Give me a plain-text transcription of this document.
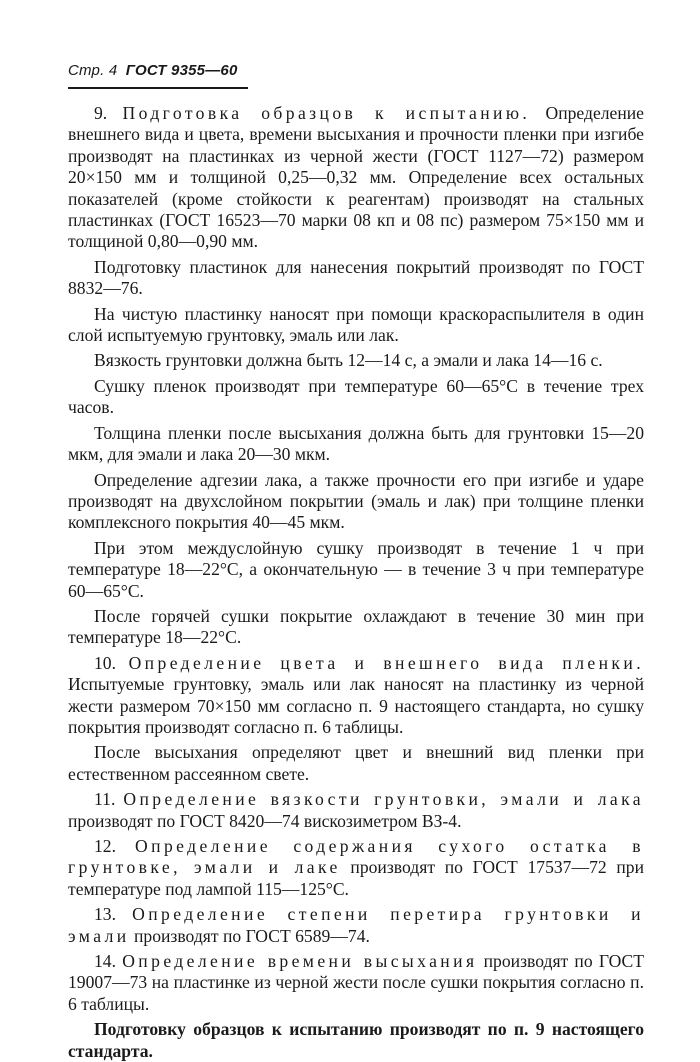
Стр. 4 ГОСТ 9355—60

9. Подготовка образцов к испытанию. Определение внешнего вида и цвета, времени высыхания и прочности пленки при изгибе производят на пластинках из черной жести (ГОСТ 1127—72) размером 20×150 мм и толщиной 0,25—0,32 мм. Определение всех остальных показателей (кроме стойкости к реагентам) производят на стальных пластинках (ГОСТ 16523—70 марки 08 кп и 08 пс) размером 75×150 мм и толщиной 0,80—0,90 мм.

Подготовку пластинок для нанесения покрытий производят по ГОСТ 8832—76.

На чистую пластинку наносят при помощи краскораспылителя в один слой испытуемую грунтовку, эмаль или лак.

Вязкость грунтовки должна быть 12—14 с, а эмали и лака 14—16 с.

Сушку пленок производят при температуре 60—65°С в течение трех часов.

Толщина пленки после высыхания должна быть для грунтовки 15—20 мкм, для эмали и лака 20—30 мкм.

Определение адгезии лака, а также прочности его при изгибе и ударе производят на двухслойном покрытии (эмаль и лак) при толщине пленки комплексного покрытия 40—45 мкм.

При этом междуслойную сушку производят в течение 1 ч при температуре 18—22°С, а окончательную — в течение 3 ч при температуре 60—65°С.

После горячей сушки покрытие охлаждают в течение 30 мин при температуре 18—22°С.

10. Определение цвета и внешнего вида пленки. Испытуемые грунтовку, эмаль или лак наносят на пластинку из черной жести размером 70×150 мм согласно п. 9 настоящего стандарта, но сушку покрытия производят согласно п. 6 таблицы.

После высыхания определяют цвет и внешний вид пленки при естественном рассеянном свете.

11. Определение вязкости грунтовки, эмали и лака производят по ГОСТ 8420—74 вискозиметром ВЗ-4.

12. Определение содержания сухого остатка в грунтовке, эмали и лаке производят по ГОСТ 17537—72 при температуре под лампой 115—125°С.

13. Определение степени перетира грунтовки и эмали производят по ГОСТ 6589—74.

14. Определение времени высыхания производят по ГОСТ 19007—73 на пластинке из черной жести после сушки покрытия согласно п. 6 таблицы.

Подготовку образцов к испытанию производят по п. 9 настоящего стандарта.
